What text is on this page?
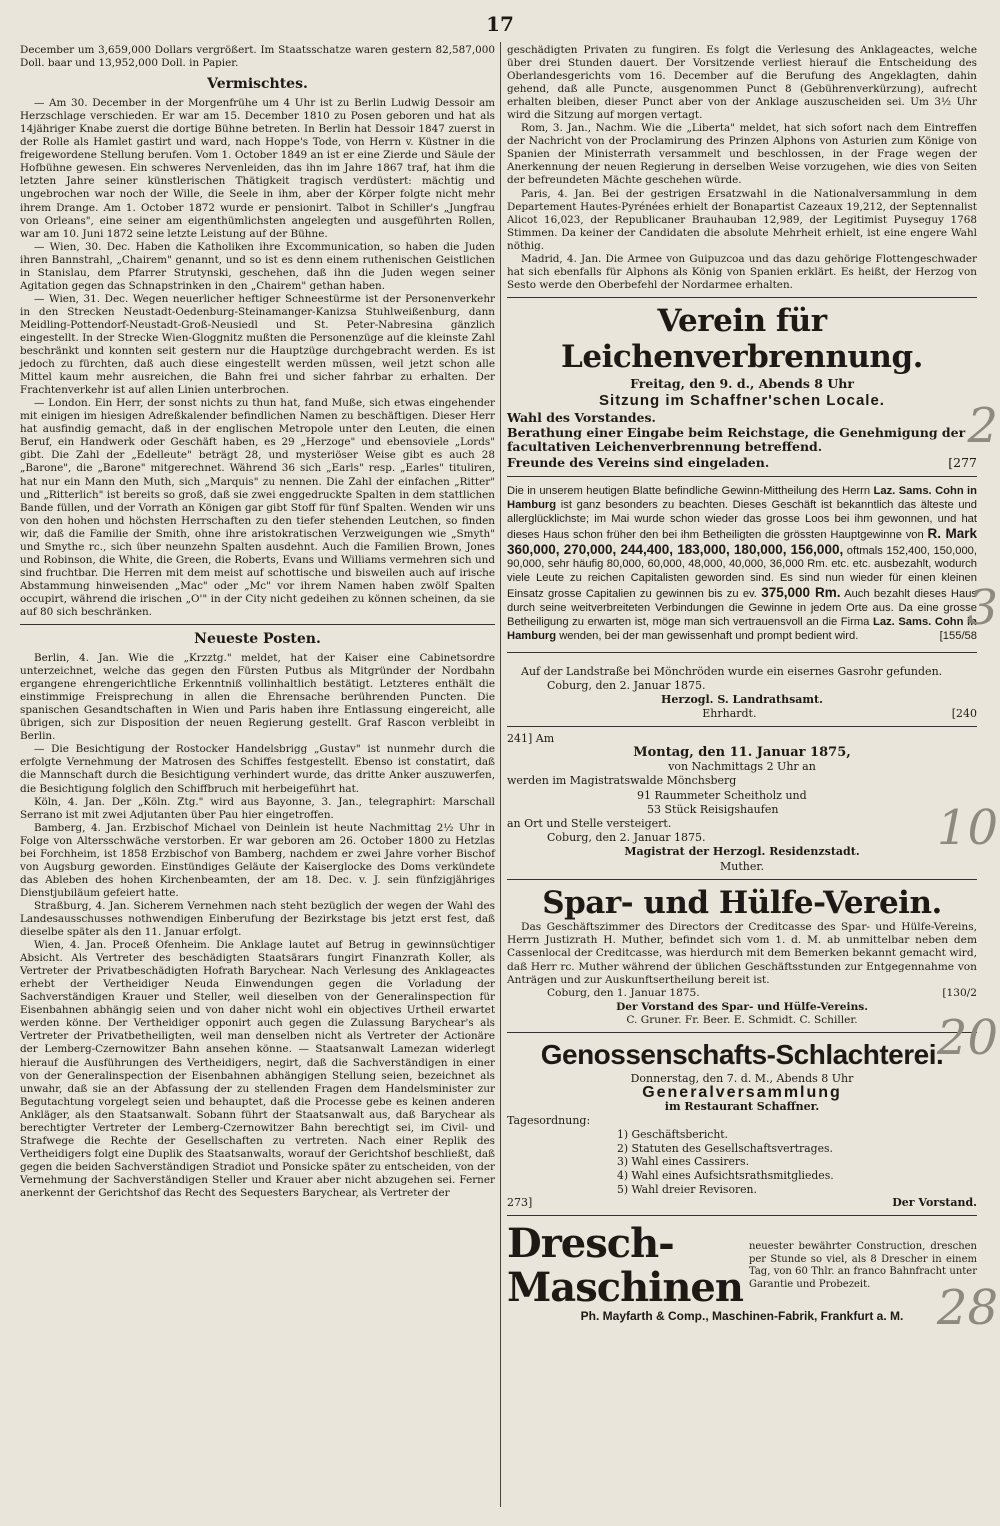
17

December um 3,659,000 Dollars vergrößert. Im Staatsschatze waren gestern 82,587,000 Doll. baar und 13,952,000 Doll. in Papier.

Vermischtes.

— Am 30. December in der Morgenfrühe um 4 Uhr ist zu Berlin Ludwig Dessoir am Herzschlage verschieden. Er war am 15. December 1810 zu Posen geboren und hat als 14jähriger Knabe zuerst die dortige Bühne betreten. In Berlin hat Dessoir 1847 zuerst in der Rolle als Hamlet gastirt und ward, nach Hoppe's Tode, von Herrn v. Küstner in die freigewordene Stellung berufen. Vom 1. October 1849 an ist er eine Zierde und Säule der Hofbühne gewesen. Ein schweres Nervenleiden, das ihn im Jahre 1867 traf, hat ihm die letzten Jahre seiner künstlerischen Thätigkeit tragisch verdüstert: mächtig und ungebrochen war noch der Wille, die Seele in ihm, aber der Körper folgte nicht mehr ihrem Drange. Am 1. October 1872 wurde er pensionirt. Talbot in Schiller's „Jungfrau von Orleans", eine seiner am eigenthümlichsten angelegten und ausgeführten Rollen, war am 10. Juni 1872 seine letzte Leistung auf der Bühne.

— Wien, 30. Dec. Haben die Katholiken ihre Excommunication, so haben die Juden ihren Bannstrahl, „Chairem" genannt, und so ist es denn einem ruthenischen Geistlichen in Stanislau, dem Pfarrer Strutynski, geschehen, daß ihn die Juden wegen seiner Agitation gegen das Schnapstrinken in den „Chairem" gethan haben.

— Wien, 31. Dec. Wegen neuerlicher heftiger Schneestürme ist der Personenverkehr in den Strecken Neustadt-Oedenburg-Steinamanger-Kanizsa Stuhlweißenburg, dann Meidling-Pottendorf-Neustadt-Groß-Neusiedl und St. Peter-Nabresina gänzlich eingestellt. In der Strecke Wien-Gloggnitz mußten die Personenzüge auf die kleinste Zahl beschränkt und konnten seit gestern nur die Hauptzüge durchgebracht werden. Es ist jedoch zu fürchten, daß auch diese eingestellt werden müssen, weil jetzt schon alle Mittel kaum mehr ausreichen, die Bahn frei und sicher fahrbar zu erhalten. Der Frachtenverkehr ist auf allen Linien unterbrochen.

— London. Ein Herr, der sonst nichts zu thun hat, fand Muße, sich etwas eingehender mit einigen im hiesigen Adreßkalender befindlichen Namen zu beschäftigen. Dieser Herr hat ausfindig gemacht, daß in der englischen Metropole unter den Leuten, die einen Beruf, ein Handwerk oder Geschäft haben, es 29 „Herzoge" und ebensoviele „Lords" gibt. Die Zahl der „Edelleute" beträgt 28, und mysteriöser Weise gibt es auch 28 „Barone", die „Barone" mitgerechnet. Während 36 sich „Earls" resp. „Earles" tituliren, hat nur ein Mann den Muth, sich „Marquis" zu nennen. Die Zahl der einfachen „Ritter" und „Ritterlich" ist bereits so groß, daß sie zwei enggedruckte Spalten in dem stattlichen Bande füllen, und der Vorrath an Königen gar gibt Stoff für fünf Spalten. Wenden wir uns von den hohen und höchsten Herrschaften zu den tiefer stehenden Leutchen, so finden wir, daß die Familie der Smith, ohne ihre aristokratischen Verzweigungen wie „Smyth" und Smythe rc., sich über neunzehn Spalten ausdehnt. Auch die Familien Brown, Jones und Robinson, die White, die Green, die Roberts, Evans und Williams vermehren sich und sind fruchtbar. Die Herren mit dem meist auf schottische und bisweilen auch auf irische Abstammung hinweisenden „Mac" oder „Mc" vor ihrem Namen haben zwölf Spalten occupirt, während die irischen „O'" in der City nicht gedeihen zu können scheinen, da sie auf 80 sich beschränken.

Neueste Posten.

Berlin, 4. Jan. Wie die „Krzztg." meldet, hat der Kaiser eine Cabinetsordre unterzeichnet, welche das gegen den Fürsten Putbus als Mitgründer der Nordbahn ergangene ehrengerichtliche Erkenntniß vollinhaltlich bestätigt. Letzteres enthält die einstimmige Freisprechung in allen die Ehrensache berührenden Puncten. Die spanischen Gesandtschaften in Wien und Paris haben ihre Entlassung eingereicht, alle übrigen, sich zur Disposition der neuen Regierung gestellt. Graf Rascon verbleibt in Berlin.

— Die Besichtigung der Rostocker Handelsbrigg „Gustav" ist nunmehr durch die erfolgte Vernehmung der Matrosen des Schiffes festgestellt. Ebenso ist constatirt, daß die Mannschaft durch die Besichtigung verhindert wurde, das dritte Anker auszuwerfen, die Besichtigung folglich den Schiffbruch mit herbeigeführt hat.

Köln, 4. Jan. Der „Köln. Ztg." wird aus Bayonne, 3. Jan., telegraphirt: Marschall Serrano ist mit zwei Adjutanten über Pau hier eingetroffen.

Bamberg, 4. Jan. Erzbischof Michael von Deinlein ist heute Nachmittag 2½ Uhr in Folge von Altersschwäche verstorben. Er war geboren am 26. October 1800 zu Hetzlas bei Forchheim, ist 1858 Erzbischof von Bamberg, nachdem er zwei Jahre vorher Bischof von Augsburg geworden. Einstündiges Geläute der Kaiserglocke des Doms verkündete das Ableben des hohen Kirchenbeamten, der am 18. Dec. v. J. sein fünfzigjähriges Dienstjubiläum gefeiert hatte.

Straßburg, 4. Jan. Sicherem Vernehmen nach steht bezüglich der wegen der Wahl des Landesausschusses nothwendigen Einberufung der Bezirkstage bis jetzt erst fest, daß dieselbe später als den 11. Januar erfolgt.

Wien, 4. Jan. Proceß Ofenheim. Die Anklage lautet auf Betrug in gewinnsüchtiger Absicht. Als Vertreter des beschädigten Staatsärars fungirt Finanzrath Koller, als Vertreter der Privatbeschädigten Hofrath Barychear. Nach Verlesung des Anklageactes erhebt der Vertheidiger Neuda Einwendungen gegen die Vorladung der Sachverständigen Krauer und Steller, weil dieselben von der Generalinspection für Eisenbahnen abhängig seien und von daher nicht wohl ein objectives Urtheil erwartet werden könne. Der Vertheidiger opponirt auch gegen die Zulassung Barychear's als Vertreter der Privatbetheiligten, weil man denselben nicht als Vertreter der Actionäre der Lemberg-Czernowitzer Bahn ansehen könne. — Staatsanwalt Lamezan widerlegt hierauf die Ausführungen des Vertheidigers, negirt, daß die Sachverständigen in einer von der Generalinspection der Eisenbahnen abhängigen Stellung seien, bezeichnet als unwahr, daß sie an der Abfassung der zu stellenden Fragen dem Handelsminister zur Begutachtung vorgelegt seien und behauptet, daß die Processe gebe es keinen anderen Ankläger, als den Staatsanwalt. Sobann führt der Staatsanwalt aus, daß Barychear als berechtigter Vertreter der Lemberg-Czernowitzer Bahn berechtigt sei, im Civil- und Strafwege die Rechte der Gesellschaften zu vertreten. Nach einer Replik des Vertheidigers folgt eine Duplik des Staatsanwalts, worauf der Gerichtshof beschließt, daß gegen die beiden Sachverständigen Stradiot und Ponsicke später zu entscheiden, von der Vernehmung der Sachverständigen Steller und Krauer aber nicht abzugehen sei. Ferner anerkennt der Gerichtshof das Recht des Sequesters Barychear, als Vertreter der

geschädigten Privaten zu fungiren. Es folgt die Verlesung des Anklageactes, welche über drei Stunden dauert. Der Vorsitzende verliest hierauf die Entscheidung des Oberlandesgerichts vom 16. December auf die Berufung des Angeklagten, dahin gehend, daß alle Puncte, ausgenommen Punct 8 (Gebührenverkürzung), aufrecht erhalten bleiben, dieser Punct aber von der Anklage auszuscheiden sei. Um 3½ Uhr wird die Sitzung auf morgen vertagt.

Rom, 3. Jan., Nachm. Wie die „Liberta" meldet, hat sich sofort nach dem Eintreffen der Nachricht von der Proclamirung des Prinzen Alphons von Asturien zum Könige von Spanien der Ministerrath versammelt und beschlossen, in der Frage wegen der Anerkennung der neuen Regierung in derselben Weise vorzugehen, wie dies von Seiten der befreundeten Mächte geschehen würde.

Paris, 4. Jan. Bei der gestrigen Ersatzwahl in die Nationalversammlung in dem Departement Hautes-Pyrénées erhielt der Bonapartist Cazeaux 19,212, der Septennalist Alicot 16,023, der Republicaner Brauhauban 12,989, der Legitimist Puyseguy 1768 Stimmen. Da keiner der Candidaten die absolute Mehrheit erhielt, ist eine engere Wahl nöthig.

Madrid, 4. Jan. Die Armee von Guipuzcoa und das dazu gehörige Flottengeschwader hat sich ebenfalls für Alphons als König von Spanien erklärt. Es heißt, der Herzog von Sesto werde den Oberbefehl der Nordarmee erhalten.

Verein für Leichenverbrennung.
Freitag, den 9. d., Abends 8 Uhr
Sitzung im Schaffner'schen Locale.
Wahl des Vorstandes.
Berathung einer Eingabe beim Reichstage, die Genehmigung der facultativen Leichenverbrennung betreffend.
Freunde des Vereins sind eingeladen.	[277
Die in unserem heutigen Blatte befindliche Gewinn-Mittheilung des Herrn Laz. Sams. Cohn in Hamburg ist ganz besonders zu beachten. Dieses Geschäft ist bekanntlich das älteste und allerglücklichste; im Mai wurde schon wieder das grosse Loos bei ihm gewonnen, und hat dieses Haus schon früher den bei ihm Betheiligten die grössten Hauptgewinne von R. Mark 360,000, 270,000, 244,400, 183,000, 180,000, 156,000, oftmals 152,400, 150,000, 90,000, sehr häufig 80,000, 60,000, 48,000, 40,000, 36,000 Rm. etc. etc. ausbezahlt, wodurch viele Leute zu reichen Capitalisten geworden sind. Es sind nun wieder für einen kleinen Einsatz grosse Capitalien zu gewinnen bis zu ev. 375,000 Rm. Auch bezahlt dieses Haus durch seine weitverbreiteten Verbindungen die Gewinne in jedem Orte aus. Da eine grosse Betheiligung zu erwarten ist, möge man sich vertrauensvoll an die Firma Laz. Sams. Cohn in Hamburg wenden, bei der man gewissenhaft und prompt bedient wird.	[155/58

Auf der Landstraße bei Mönchröden wurde ein eisernes Gasrohr gefunden.

Coburg, den 2. Januar 1875.
Herzogl. S. Landrathsamt.
Ehrhardt.	[240
241] Am
Montag, den 11. Januar 1875,
von Nachmittags 2 Uhr an
werden im Magistratswalde Mönchsberg
91 Raummeter Scheitholz und
53 Stück Reisigshaufen
an Ort und Stelle versteigert.
Coburg, den 2. Januar 1875.
Magistrat der Herzogl. Residenzstadt.
Muther.
Spar- und Hülfe-Verein.

Das Geschäftszimmer des Directors der Creditcasse des Spar- und Hülfe-Vereins, Herrn Justizrath H. Muther, befindet sich vom 1. d. M. ab unmittelbar neben dem Cassenlocal der Creditcasse, was hierdurch mit dem Bemerken bekannt gemacht wird, daß Herr rc. Muther während der üblichen Geschäftsstunden zur Entgegennahme von Anträgen und zur Auskunftsertheilung bereit ist.

Coburg, den 1. Januar 1875.	[130/2
Der Vorstand des Spar- und Hülfe-Vereins.
C. Gruner. Fr. Beer. E. Schmidt. C. Schiller.
Genossenschafts-Schlachterei.
Donnerstag, den 7. d. M., Abends 8 Uhr
Generalversammlung
im Restaurant Schaffner.
Tagesordnung:
1) Geschäftsbericht.
2) Statuten des Gesellschaftsvertrages.
3) Wahl eines Cassirers.
4) Wahl eines Aufsichtsrathsmitgliedes.
5) Wahl dreier Revisoren.
273]	Der Vorstand.
Dresch-Maschinen
neuester bewährter Construction, dreschen per Stunde so viel, als 8 Drescher in einem Tag, von 60 Thlr. an franco Bahnfracht unter Garantie und Probezeit.
Ph. Mayfarth & Comp., Maschinen-Fabrik, Frankfurt a. M.
2
3
10
20
28
